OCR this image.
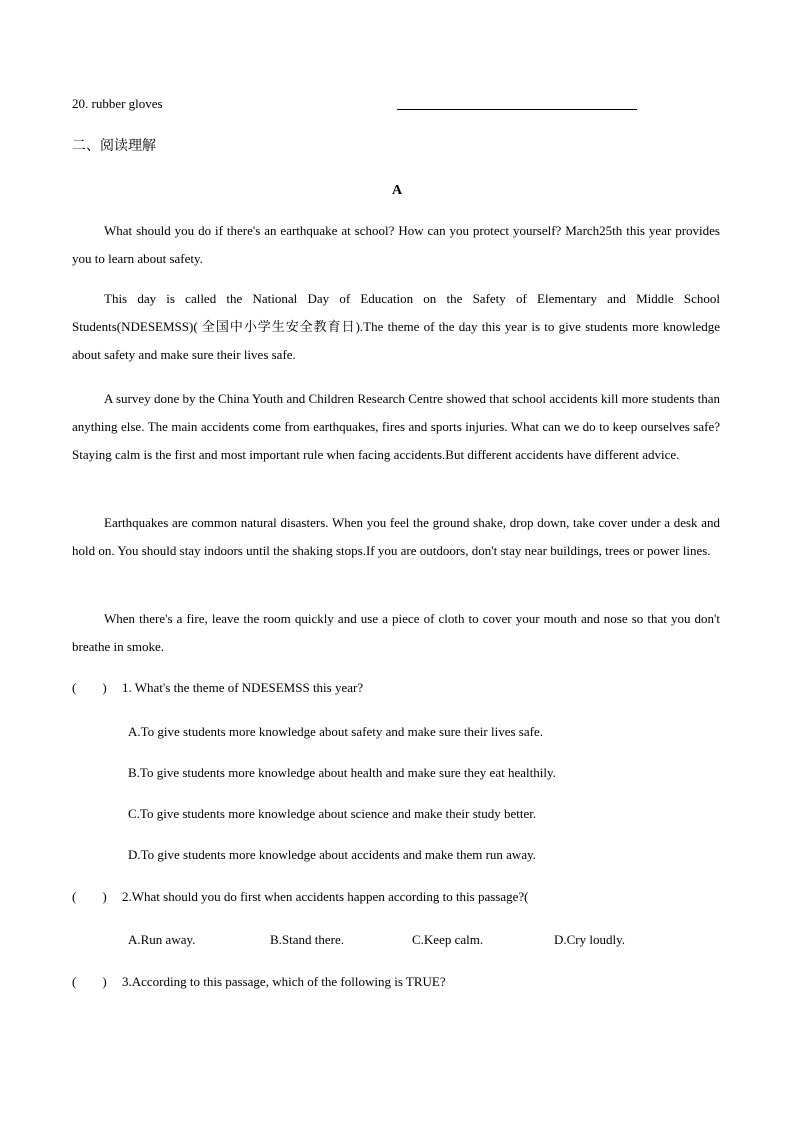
20. rubber gloves
二、阅读理解
A

What should you do if there's an earthquake at school? How can you protect yourself? March25th this year provides you to learn about safety.

This day is called the National Day of Education on the Safety of Elementary and Middle School Students(NDESEMSS)( 全国中小学生安全教育日).The theme of the day this year is to give students more knowledge about safety and make sure their lives safe.

A survey done by the China Youth and Children Research Centre showed that school accidents kill more students than anything else. The main accidents come from earthquakes, fires and sports injuries. What can we do to keep ourselves safe? Staying calm is the first and most important rule when facing accidents.But different accidents have different advice.

Earthquakes are common natural disasters. When you feel the ground shake, drop down, take cover under a desk and hold on. You should stay indoors until the shaking stops.If you are outdoors, don't stay near buildings, trees or power lines.

When there's a fire, leave the room quickly and use a piece of cloth to cover your mouth and nose so that you don't breathe in smoke.

(　　) 1. What's the theme of NDESEMSS this year?
A.To give students more knowledge about safety and make sure their lives safe.
B.To give students more knowledge about health and make sure they eat healthily.
C.To give students more knowledge about science and make their study better.
D.To give students more knowledge about accidents and make them run away.
(　　) 2.What should you do first when accidents happen according to this passage?(
A.Run away.	B.Stand there.	C.Keep calm.	D.Cry loudly.
(　　) 3.According to this passage, which of the following is TRUE?
